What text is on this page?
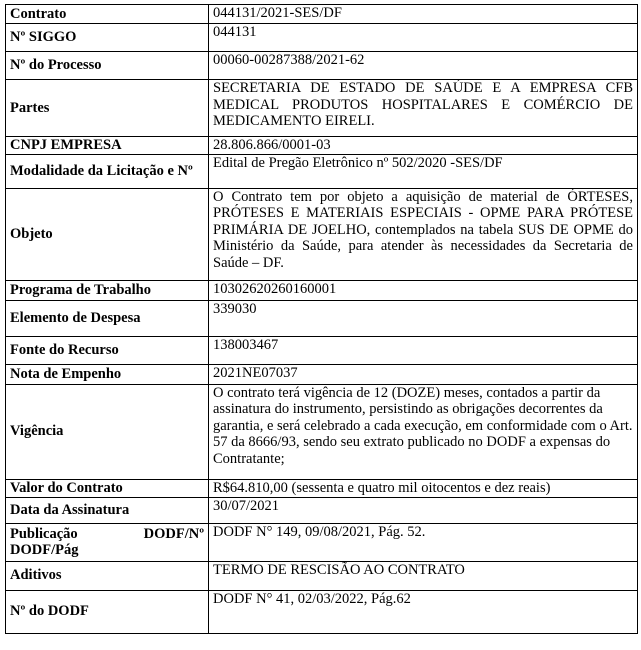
Contrato	044131/2021-SES/DF
Nº SIGGO	044131
Nº do Processo	00060-00287388/2021-62
Partes	SECRETARIA DE ESTADO DE SAÚDE E A EMPRESA CFB MEDICAL PRODUTOS HOSPITALARES E COMÉRCIO DE MEDICAMENTO EIRELI.
CNPJ EMPRESA	28.806.866/0001-03
Modalidade da Licitação e Nº	Edital de Pregão Eletrônico nº 502/2020 -SES/DF
Objeto	O Contrato tem por objeto a aquisição de material de ÓRTESES, PRÓTESES E MATERIAIS ESPECIAIS - OPME PARA PRÓTESE PRIMÁRIA DE JOELHO, contemplados na tabela SUS DE OPME do Ministério da Saúde, para atender às necessidades da Secretaria de Saúde – DF.
Programa de Trabalho	10302620260160001
Elemento de Despesa	339030
Fonte do Recurso	138003467
Nota de Empenho	2021NE07037
Vigência	O contrato terá vigência de 12 (DOZE) meses, contados a partir da assinatura do instrumento, persistindo as obrigações decorrentes da garantia, e será celebrado a cada execução, em conformidade com o Art. 57 da 8666/93, sendo seu extrato publicado no DODF a expensas do Contratante;
Valor do Contrato	R$64.810,00 (sessenta e quatro mil oitocentos e dez reais)
Data da Assinatura	30/07/2021

Publicação DODF/Nº
DODF/Pág	DODF N° 149, 09/08/2021, Pág. 52.
Aditivos	TERMO DE RESCISÃO AO CONTRATO
Nº do DODF	DODF N° 41, 02/03/2022, Pág.62
